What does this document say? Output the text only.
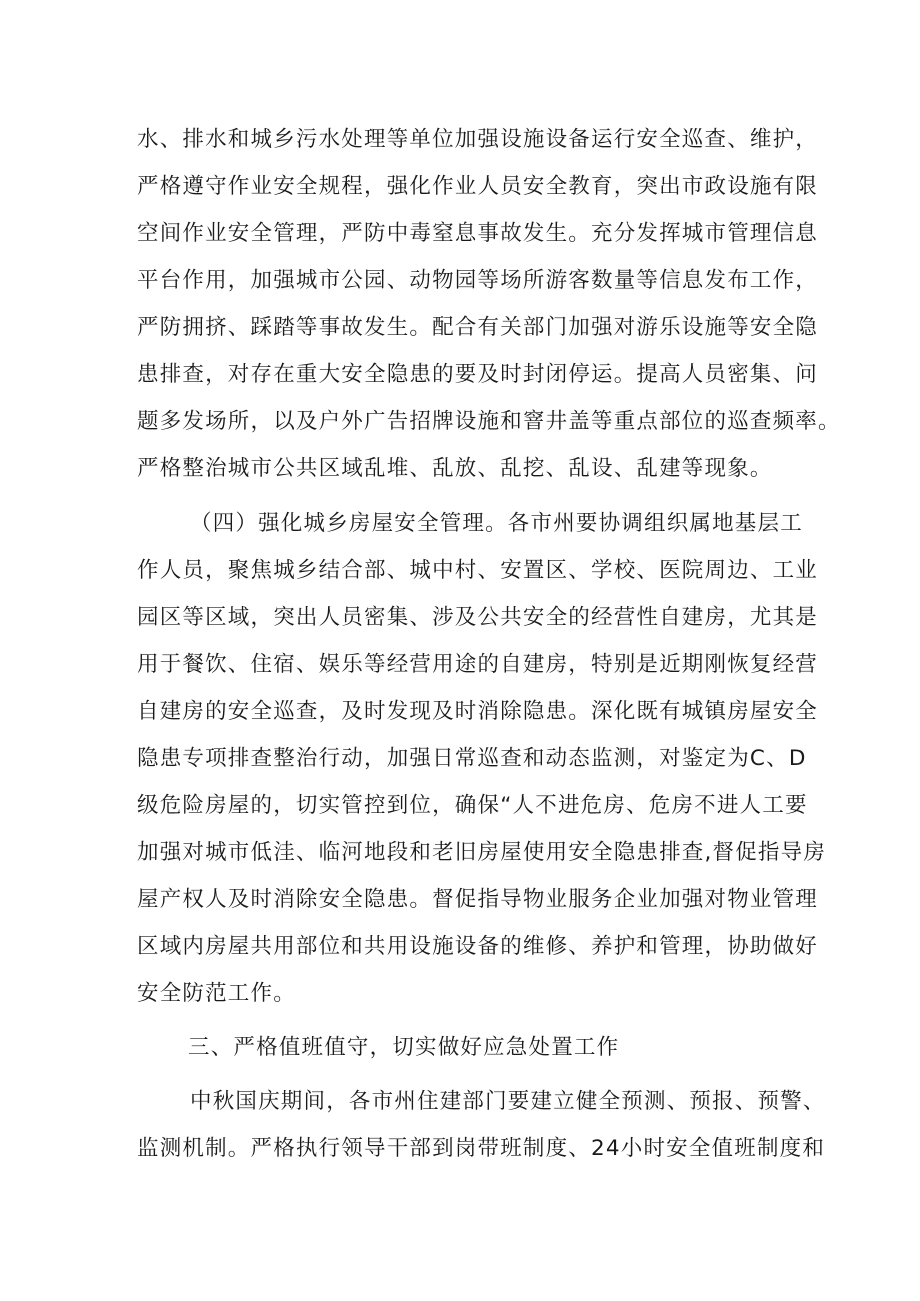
水、排水和城乡污水处理等单位加强设施设备运行安全巡查、维护，
严格遵守作业安全规程，强化作业人员安全教育，突出市政设施有限
空间作业安全管理，严防中毒窒息事故发生。充分发挥城市管理信息
平台作用，加强城市公园、动物园等场所游客数量等信息发布工作，
严防拥挤、踩踏等事故发生。配合有关部门加强对游乐设施等安全隐
患排查，对存在重大安全隐患的要及时封闭停运。提高人员密集、问
题多发场所，以及户外广告招牌设施和窨井盖等重点部位的巡查频率。
严格整治城市公共区域乱堆、乱放、乱挖、乱设、乱建等现象。
（四）强化城乡房屋安全管理。各市州要协调组织属地基层工
作人员，聚焦城乡结合部、城中村、安置区、学校、医院周边、工业
园区等区域，突出人员密集、涉及公共安全的经营性自建房，尤其是
用于餐饮、住宿、娱乐等经营用途的自建房，特别是近期刚恢复经营
自建房的安全巡查，及时发现及时消除隐患。深化既有城镇房屋安全
隐患专项排查整治行动，加强日常巡查和动态监测，对鉴定为C、D
级危险房屋的，切实管控到位，确保“人不进危房、危房不进人工要
加强对城市低洼、临河地段和老旧房屋使用安全隐患排查,督促指导房
屋产权人及时消除安全隐患。督促指导物业服务企业加强对物业管理
区域内房屋共用部位和共用设施设备的维修、养护和管理，协助做好
安全防范工作。
三、严格值班值守，切实做好应急处置工作
中秋国庆期间，各市州住建部门要建立健全预测、预报、预警、
监测机制。严格执行领导干部到岗带班制度、24小时安全值班制度和
